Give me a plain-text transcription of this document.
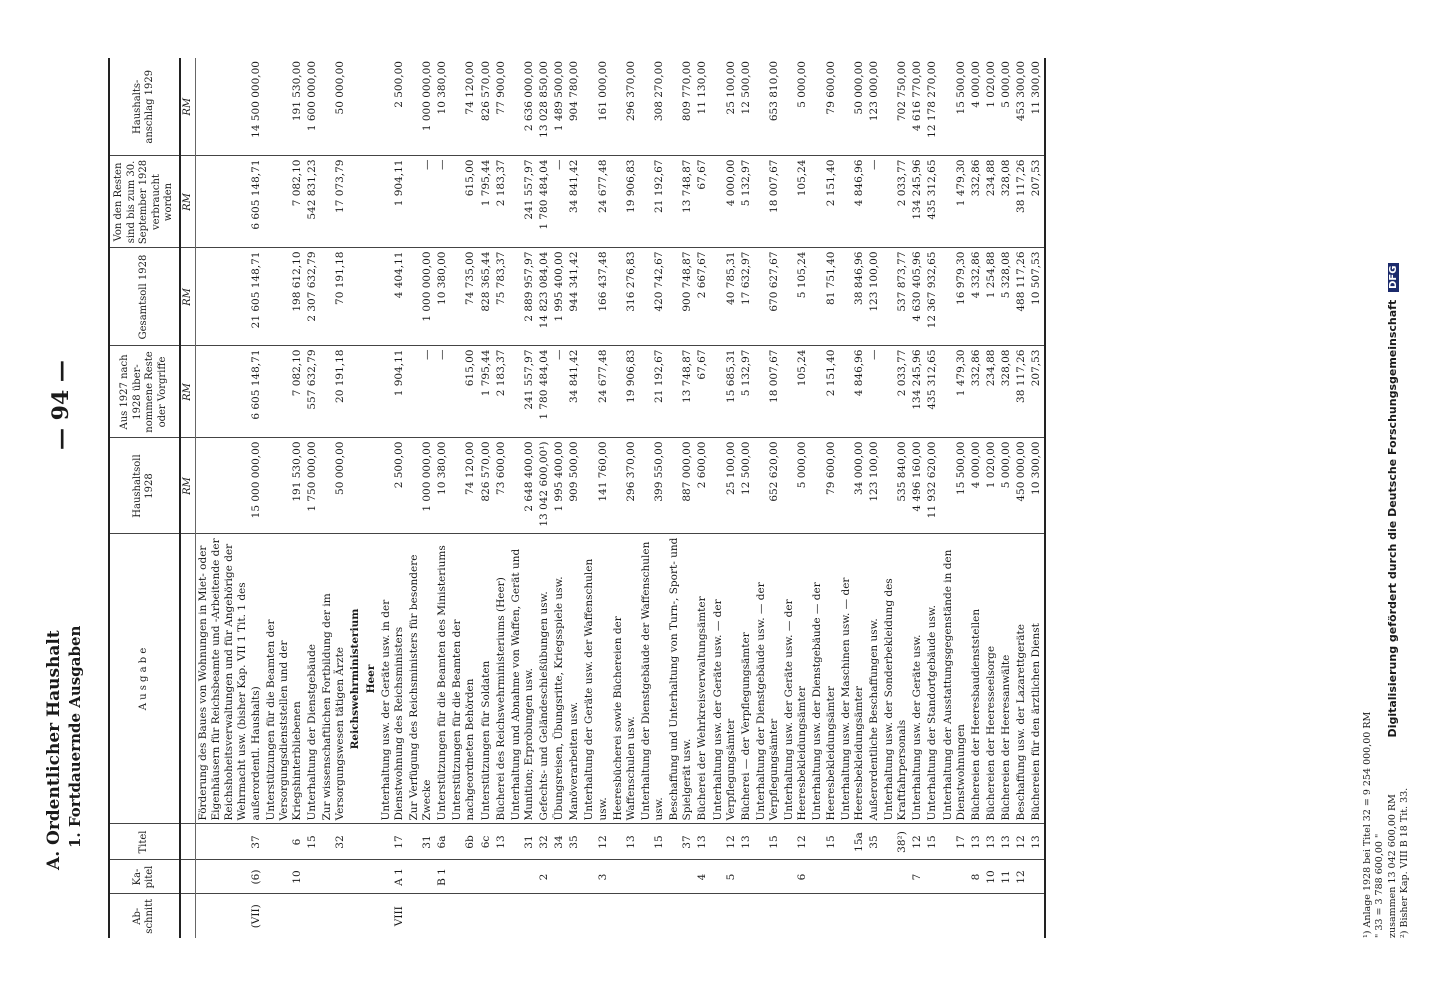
A. Ordentlicher Haushalt 1. Fortdauernde Ausgaben
— 94 —
Ab-schnitt	Ka-pitel	Titel	A u s g a b e	Haushaltsoll 1928	Aus 1927 nach 1928 über-nommene Reste oder Vorgriffe	Gesamtsoll 1928	Von den Resten sind bis zum 30. September 1928 verbraucht worden	Haushalts-anschlag 1929
				RM	RM	RM	RM	RM
(VII)	(6)	37	Förderung des Baues von Wohnungen in Miet- oder Eigenhäusern für Reichsbeamte und -Arbeitende der Reichshoheitsverwaltungen und für Angehörige der Wehrmacht usw. (bisher Kap. VII 1 Tit. 1 des außerordentl. Haushalts)	15 000 000,00	6 605 148,71	21 605 148,71	6 605 148,71	14 500 000,00
	10	6	Unterstützungen für die Beamten der Versorgungsdienststellen und der Kriegshinterbliebenen	191 530,00	7 082,10	198 612,10	7 082,10	191 530,00
		15	Unterhaltung der Dienstgebäude	1 750 000,00	557 632,79	2 307 632,79	542 831,23	1 600 000,00
		32	Zur wissenschaftlichen Fortbildung der im Versorgungswesen tätigen Ärzte	50 000,00	20 191,18	70 191,18	17 073,79	50 000,00
			Reichswehrministerium					
			Heer					
VIII	A 1	17	Unterhaltung usw. der Geräte usw. in der Dienstwohnung des Reichsministers	2 500,00	1 904,11	4 404,11	1 904,11	2 500,00
		31	Zur Verfügung des Reichsministers für besondere Zwecke	1 000 000,00	—	1 000 000,00	—	1 000 000,00
	B 1	6a	Unterstützungen für die Beamten des Ministeriums	10 380,00	—	10 380,00	—	10 380,00
		6b	Unterstützungen für die Beamten der nachgeordneten Behörden	74 120,00	615,00	74 735,00	615,00	74 120,00
		6c	Unterstützungen für Soldaten	826 570,00	1 795,44	828 365,44	1 795,44	826 570,00
		13	Bücherei des Reichswehrministeriums (Heer)	73 600,00	2 183,37	75 783,37	2 183,37	77 900,00
		31	Unterhaltung und Abnahme von Waffen, Gerät und Munition; Erprobungen usw.	2 648 400,00	241 557,97	2 889 957,97	241 557,97	2 636 000,00
	2	32	Gefechts- und Geländeschießübungen usw.	13 042 600,00¹)	1 780 484,04	14 823 084,04	1 780 484,04	13 028 850,00
		34	Übungsreisen, Übungsritte, Kriegsspiele usw.	1 995 400,00	—	1 995 400,00	—	1 489 500,00
		35	Manöverarbeiten usw.	909 500,00	34 841,42	944 341,42	34 841,42	904 780,00
	3	12	Unterhaltung der Geräte usw. der Waffenschulen usw.	141 760,00	24 677,48	166 437,48	24 677,48	161 000,00
		13	Heeresbücherei sowie Büchereien der Waffenschulen usw.	296 370,00	19 906,83	316 276,83	19 906,83	296 370,00
		15	Unterhaltung der Dienstgebäude der Waffenschulen usw.	399 550,00	21 192,67	420 742,67	21 192,67	308 270,00
		37	Beschaffung und Unterhaltung von Turn-, Sport- und Spielgerät usw.	887 000,00	13 748,87	900 748,87	13 748,87	809 770,00
	4	13	Bücherei der Wehrkreisverwaltungsämter	2 600,00	67,67	2 667,67	67,67	11 130,00
	5	12	Unterhaltung usw. der Geräte usw. — der Verpflegungsämter	25 100,00	15 685,31	40 785,31	4 000,00	25 100,00
		13	Bücherei — der Verpflegungsämter	12 500,00	5 132,97	17 632,97	5 132,97	12 500,00
		15	Unterhaltung der Dienstgebäude usw. — der Verpflegungsämter	652 620,00	18 007,67	670 627,67	18 007,67	653 810,00
	6	12	Unterhaltung usw. der Geräte usw. — der Heeresbekleidungsämter	5 000,00	105,24	5 105,24	105,24	5 000,00
		15	Unterhaltung usw. der Dienstgebäude — der Heeresbekleidungsämter	79 600,00	2 151,40	81 751,40	2 151,40	79 600,00
		15a	Unterhaltung usw. der Maschinen usw. — der Heeresbekleidungsämter	34 000,00	4 846,96	38 846,96	4 846,96	50 000,00
		35	Außerordentliche Beschaffungen usw.	123 100,00	—	123 100,00	—	123 000,00
		38²)	Unterhaltung usw. der Sonderbekleidung des Kraftfahrpersonals	535 840,00	2 033,77	537 873,77	2 033,77	702 750,00
	7	12	Unterhaltung usw. der Geräte usw.	4 496 160,00	134 245,96	4 630 405,96	134 245,96	4 616 770,00
		15	Unterhaltung der Standortgebäude usw.	11 932 620,00	435 312,65	12 367 932,65	435 312,65	12 178 270,00
		17	Unterhaltung der Ausstattungsgegenstände in den Dienstwohnungen	15 500,00	1 479,30	16 979,30	1 479,30	15 500,00
	8	13	Büchereien der Heeresbaudienststellen	4 000,00	332,86	4 332,86	332,86	4 000,00
	10	13	Büchereien der Heeresseelsorge	1 020,00	234,88	1 254,88	234,88	1 020,00
	11	13	Büchereien der Heeresanwälte	5 000,00	328,08	5 328,08	328,08	5 000,00
	12	12	Beschaffung usw. der Lazarettgeräte	450 000,00	38 117,26	488 117,26	38 117,26	453 300,00
		13	Büchereien für den ärztlichen Dienst	10 300,00	207,53	10 507,53	207,53	11 300,00
¹) Anlage 1928 bei Titel 32 = 9 254 000,00 RM " 33 = 3 788 600,00 " zusammen 13 042 600,00 RM ²) Bisher Kap. VIII B 18 Tit. 33.
Digitalisierung gefördert durch die Deutsche Forschungsgemeinschaft DFG
